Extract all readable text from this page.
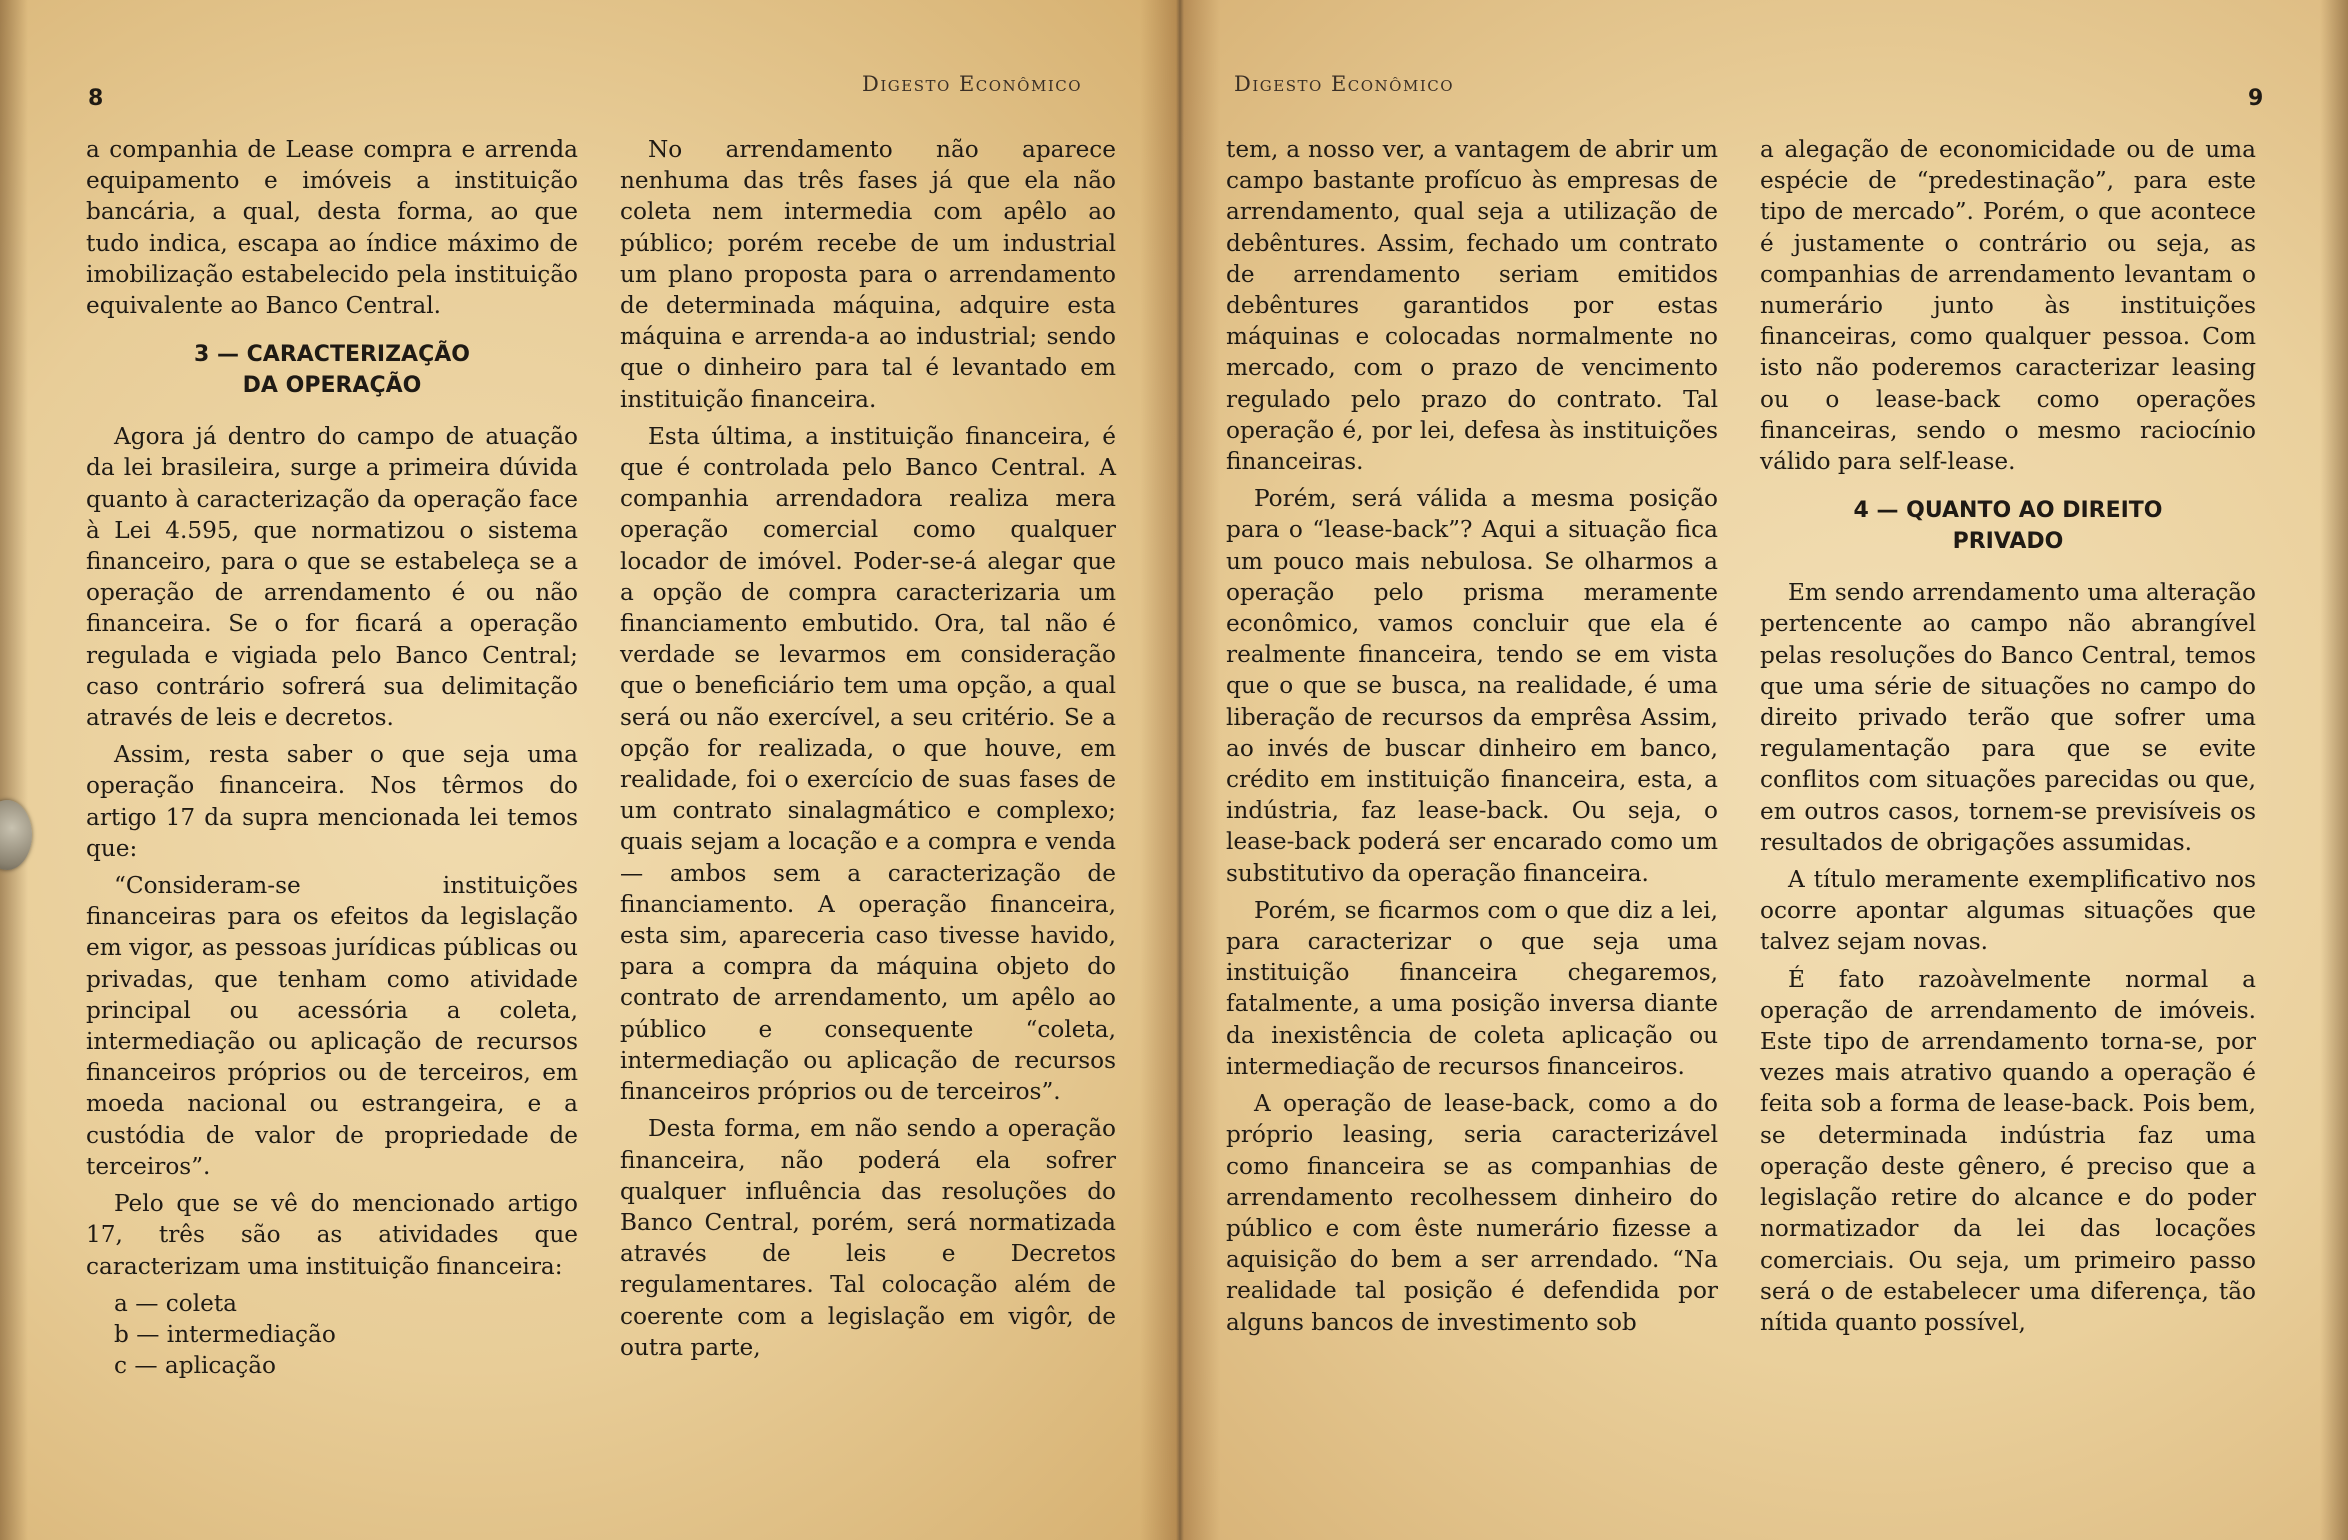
8
Digesto Econômico

a companhia de Lease compra e arrenda equipamento e imóveis a instituição bancária, a qual, desta forma, ao que tudo indica, escapa ao índice máximo de imobilização estabelecido pela instituição equivalente ao Banco Central.

3 — CARACTERIZAÇÃO
DA OPERAÇÃO

Agora já dentro do campo de atuação da lei brasileira, surge a primeira dúvida quanto à caracterização da operação face à Lei 4.595, que normatizou o sistema financeiro, para o que se estabeleça se a operação de arrendamento é ou não financeira. Se o for ficará a operação regulada e vigiada pelo Banco Central; caso contrário sofrerá sua delimitação através de leis e decretos.

Assim, resta saber o que seja uma operação financeira. Nos têrmos do artigo 17 da supra mencionada lei temos que:

“Consideram-se instituições financeiras para os efeitos da legislação em vigor, as pessoas jurídicas públicas ou privadas, que tenham como atividade principal ou acessória a coleta, intermediação ou aplicação de recursos financeiros próprios ou de terceiros, em moeda nacional ou estrangeira, e a custódia de valor de propriedade de terceiros”.

Pelo que se vê do mencionado artigo 17, três são as atividades que caracterizam uma instituição financeira:

a — coleta
b — intermediação
c — aplicação

No arrendamento não aparece nenhuma das três fases já que ela não coleta nem intermedia com apêlo ao público; porém recebe de um industrial um plano proposta para o arrendamento de determinada máquina, adquire esta máquina e arrenda-a ao industrial; sendo que o dinheiro para tal é levantado em instituição financeira.

Esta última, a instituição financeira, é que é controlada pelo Banco Central. A companhia arrendadora realiza mera operação comercial como qualquer locador de imóvel. Poder-se-á alegar que a opção de compra caracterizaria um financiamento embutido. Ora, tal não é verdade se levarmos em consideração que o beneficiário tem uma opção, a qual será ou não exercível, a seu critério. Se a opção for realizada, o que houve, em realidade, foi o exercício de suas fases de um contrato sinalagmático e complexo; quais sejam a locação e a compra e venda — ambos sem a caracterização de financiamento. A operação financeira, esta sim, apareceria caso tivesse havido, para a compra da máquina objeto do contrato de arrendamento, um apêlo ao público e consequente “coleta, intermediação ou aplicação de recursos financeiros próprios ou de terceiros”.

Desta forma, em não sendo a operação financeira, não poderá ela sofrer qualquer influência das resoluções do Banco Central, porém, será normatizada através de leis e Decretos regulamentares. Tal colocação além de coerente com a legislação em vigôr, de outra parte,

Digesto Econômico
9

tem, a nosso ver, a vantagem de abrir um campo bastante profícuo às empresas de arrendamento, qual seja a utilização de debêntures. Assim, fechado um contrato de arrendamento seriam emitidos debêntures garantidos por estas máquinas e colocadas normalmente no mercado, com o prazo de vencimento regulado pelo prazo do contrato. Tal operação é, por lei, defesa às instituições financeiras.

Porém, será válida a mesma posição para o “lease-back”? Aqui a situação fica um pouco mais nebulosa. Se olharmos a operação pelo prisma meramente econômico, vamos concluir que ela é realmente financeira, tendo se em vista que o que se busca, na realidade, é uma liberação de recursos da emprêsa Assim, ao invés de buscar dinheiro em banco, crédito em instituição financeira, esta, a indústria, faz lease-back. Ou seja, o lease-back poderá ser encarado como um substitutivo da operação financeira.

Porém, se ficarmos com o que diz a lei, para caracterizar o que seja uma instituição financeira chegaremos, fatalmente, a uma posição inversa diante da inexistência de coleta aplicação ou intermediação de recursos financeiros.

A operação de lease-back, como a do próprio leasing, seria caracterizável como financeira se as companhias de arrendamento recolhessem dinheiro do público e com êste numerário fizesse a aquisição do bem a ser arrendado. “Na realidade tal posição é defendida por alguns bancos de investimento sob

a alegação de economicidade ou de uma espécie de “predestinação”, para este tipo de mercado”. Porém, o que acontece é justamente o contrário ou seja, as companhias de arrendamento levantam o numerário junto às instituições financeiras, como qualquer pessoa. Com isto não poderemos caracterizar leasing ou o lease-back como operações financeiras, sendo o mesmo raciocínio válido para self-lease.

4 — QUANTO AO DIREITO
PRIVADO

Em sendo arrendamento uma alteração pertencente ao campo não abrangível pelas resoluções do Banco Central, temos que uma série de situações no campo do direito privado terão que sofrer uma regulamentação para que se evite conflitos com situações parecidas ou que, em outros casos, tornem-se previsíveis os resultados de obrigações assumidas.

A título meramente exemplificativo nos ocorre apontar algumas situações que talvez sejam novas.

É fato razoàvelmente normal a operação de arrendamento de imóveis. Este tipo de arrendamento torna-se, por vezes mais atrativo quando a operação é feita sob a forma de lease-back. Pois bem, se determinada indústria faz uma operação deste gênero, é preciso que a legislação retire do alcance e do poder normatizador da lei das locações comerciais. Ou seja, um primeiro passo será o de estabelecer uma diferença, tão nítida quanto possível,
